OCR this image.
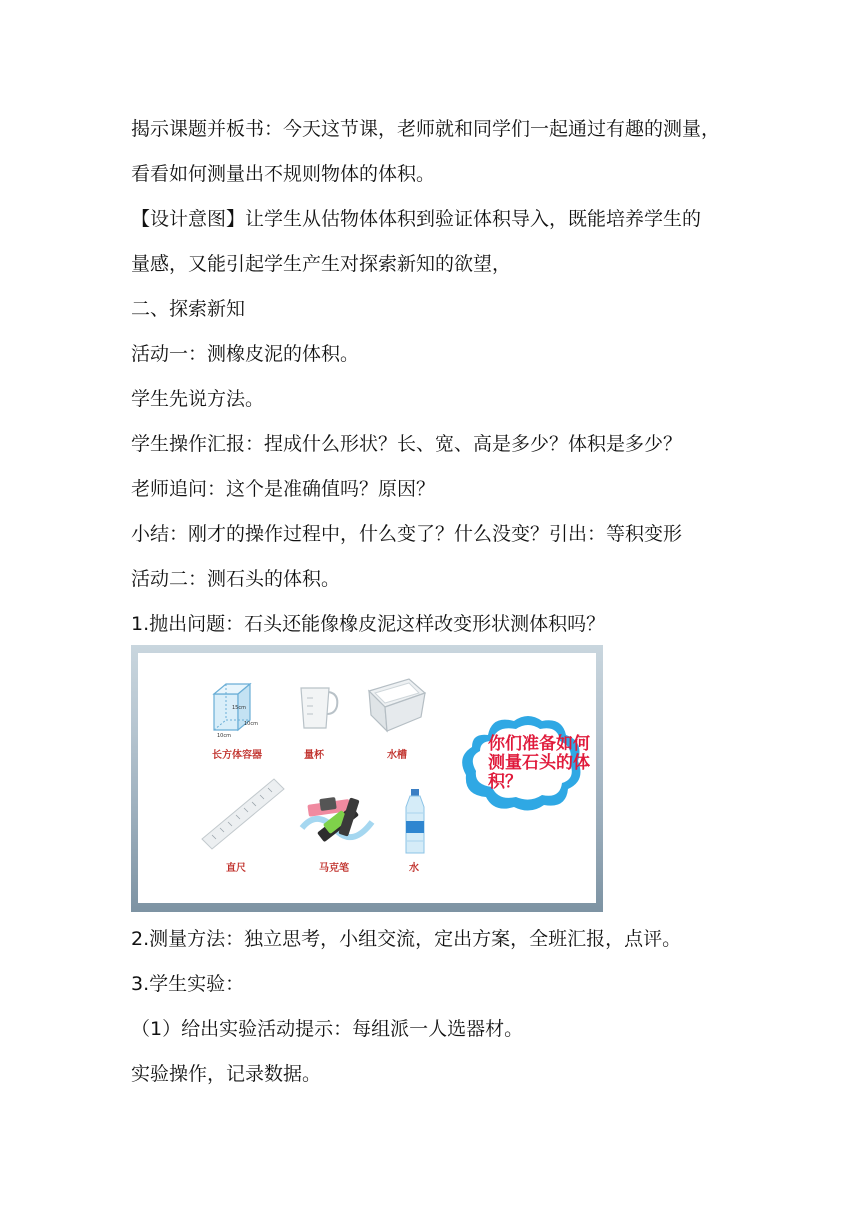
揭示课题并板书：今天这节课，老师就和同学们一起通过有趣的测量，
看看如何测量出不规则物体的体积。
【设计意图】让学生从估物体体积到验证体积导入，既能培养学生的
量感，又能引起学生产生对探索新知的欲望，
二、探索新知
活动一：测橡皮泥的体积。
学生先说方法。
学生操作汇报：捏成什么形状？长、宽、高是多少？体积是多少？
老师追问：这个是准确值吗？原因？
小结：刚才的操作过程中，什么变了？什么没变？引出：等积变形
活动二：测石头的体积。
1.抛出问题：石头还能像橡皮泥这样改变形状测体积吗？
15cm
10cm
10cm
长方体容器	量杯	水槽
你们准备如何测量石头的体积？
直尺	马克笔	水
2.测量方法：独立思考，小组交流，定出方案，全班汇报，点评。
3.学生实验：
（1）给出实验活动提示：每组派一人选器材。
实验操作，记录数据。
